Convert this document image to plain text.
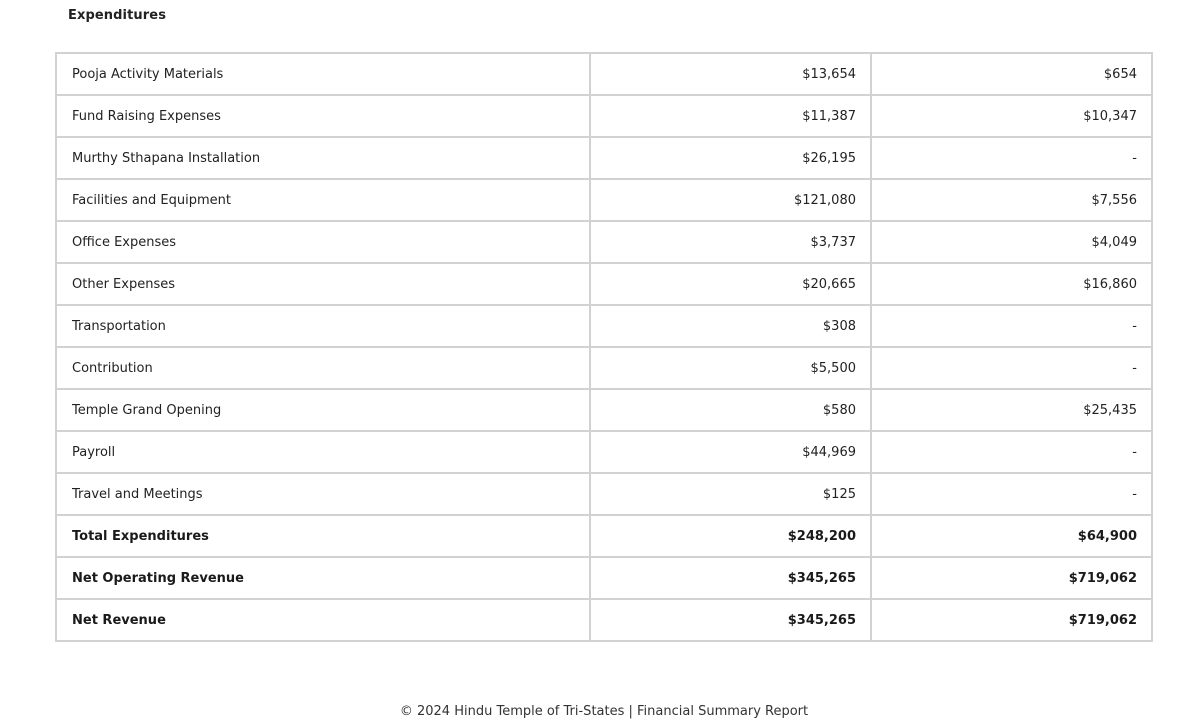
Expenditures
Pooja Activity Materials	$13,654	$654
Fund Raising Expenses	$11,387	$10,347
Murthy Sthapana Installation	$26,195	-
Facilities and Equipment	$121,080	$7,556
Office Expenses	$3,737	$4,049
Other Expenses	$20,665	$16,860
Transportation	$308	-
Contribution	$5,500	-
Temple Grand Opening	$580	$25,435
Payroll	$44,969	-
Travel and Meetings	$125	-
Total Expenditures	$248,200	$64,900
Net Operating Revenue	$345,265	$719,062
Net Revenue	$345,265	$719,062
© 2024 Hindu Temple of Tri-States | Financial Summary Report
